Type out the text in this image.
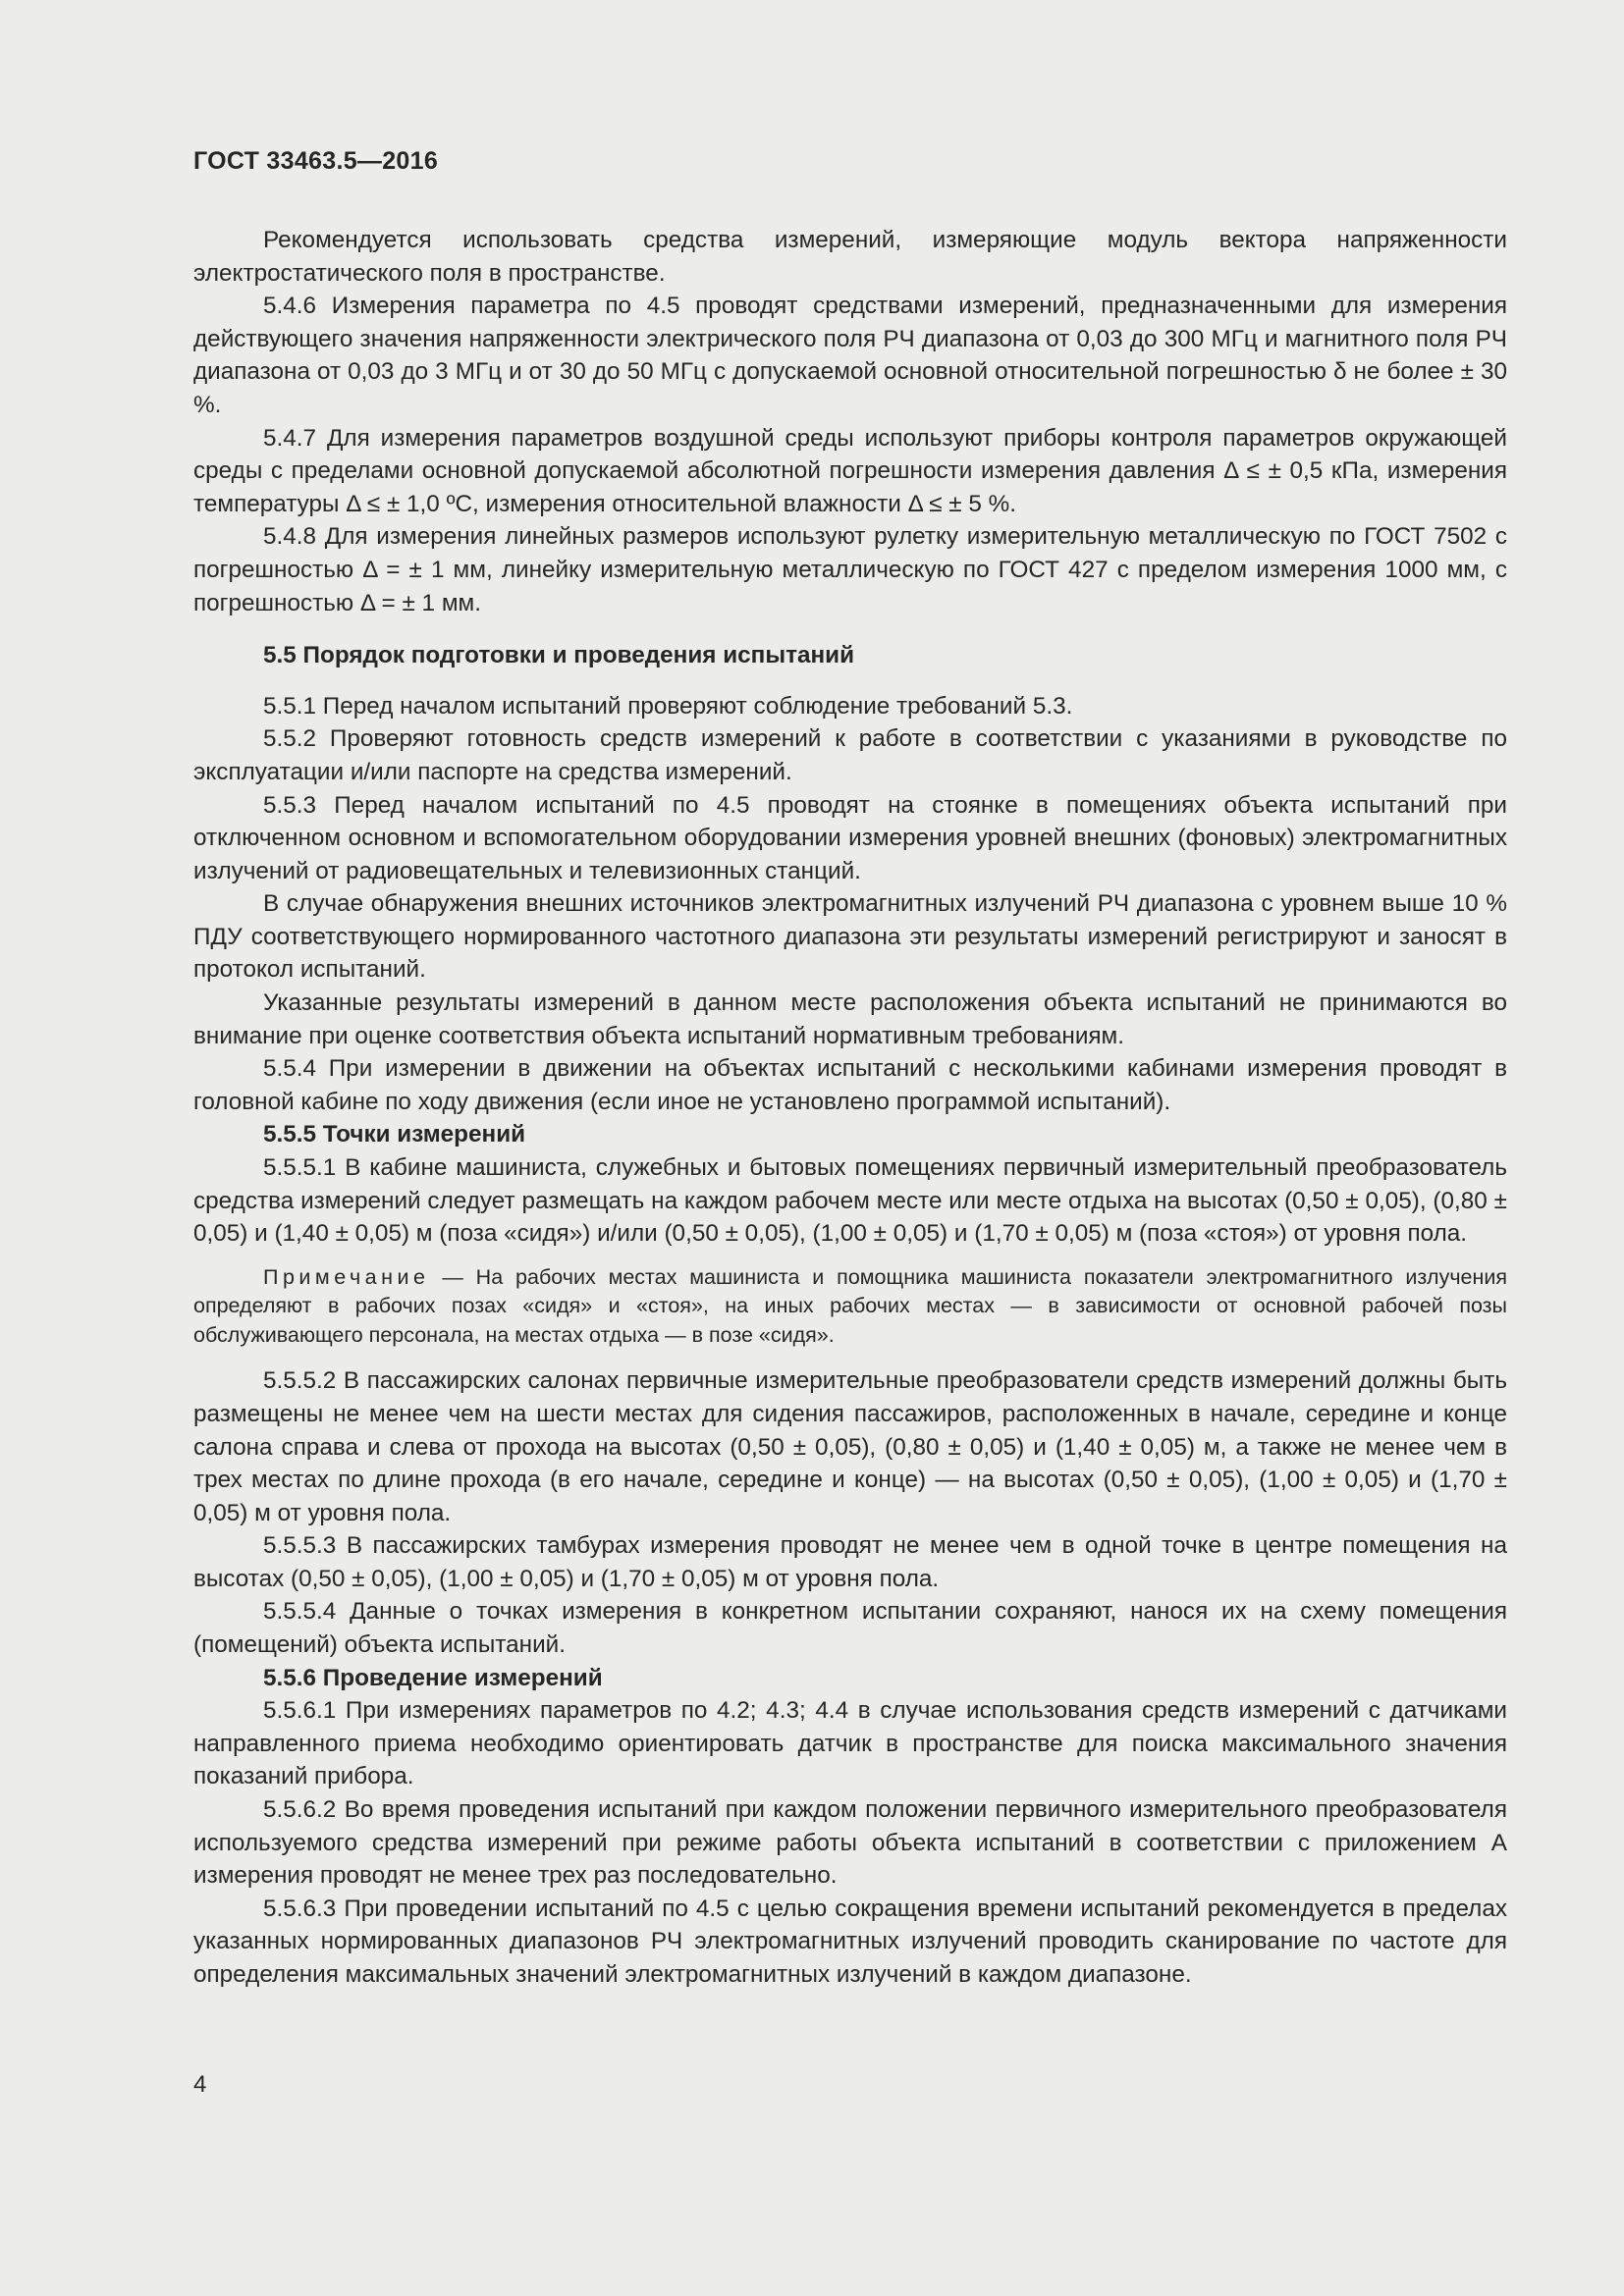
ГОСТ 33463.5—2016

Рекомендуется использовать средства измерений, измеряющие модуль вектора напряженности электростатического поля в пространстве.

5.4.6 Измерения параметра по 4.5 проводят средствами измерений, предназначенными для измерения действующего значения напряженности электрического поля РЧ диапазона от 0,03 до 300 МГц и магнитного поля РЧ диапазона от 0,03 до 3 МГц и от 30 до 50 МГц с допускаемой основной относительной погрешностью δ не более ± 30 %.

5.4.7 Для измерения параметров воздушной среды используют приборы контроля параметров окружающей среды с пределами основной допускаемой абсолютной погрешности измерения давления Δ ≤ ± 0,5 кПа, измерения температуры Δ ≤ ± 1,0 ºС, измерения относительной влажности Δ ≤ ± 5 %.

5.4.8 Для измерения линейных размеров используют рулетку измерительную металлическую по ГОСТ 7502 с погрешностью Δ = ± 1 мм, линейку измерительную металлическую по ГОСТ 427 с пределом измерения 1000 мм, с погрешностью Δ = ± 1 мм.

5.5 Порядок подготовки и проведения испытаний

5.5.1 Перед началом испытаний проверяют соблюдение требований 5.3.

5.5.2 Проверяют готовность средств измерений к работе в соответствии с указаниями в руководстве по эксплуатации и/или паспорте на средства измерений.

5.5.3 Перед началом испытаний по 4.5 проводят на стоянке в помещениях объекта испытаний при отключенном основном и вспомогательном оборудовании измерения уровней внешних (фоновых) электромагнитных излучений от радиовещательных и телевизионных станций.

В случае обнаружения внешних источников электромагнитных излучений РЧ диапазона с уровнем выше 10 % ПДУ соответствующего нормированного частотного диапазона эти результаты измерений регистрируют и заносят в протокол испытаний.

Указанные результаты измерений в данном месте расположения объекта испытаний не принимаются во внимание при оценке соответствия объекта испытаний нормативным требованиям.

5.5.4 При измерении в движении на объектах испытаний с несколькими кабинами измерения проводят в головной кабине по ходу движения (если иное не установлено программой испытаний).

5.5.5 Точки измерений

5.5.5.1 В кабине машиниста, служебных и бытовых помещениях первичный измерительный преобразователь средства измерений следует размещать на каждом рабочем месте или месте отдыха на высотах (0,50 ± 0,05), (0,80 ± 0,05) и (1,40 ± 0,05) м (поза «сидя») и/или (0,50 ± 0,05), (1,00 ± 0,05) и (1,70 ± 0,05) м (поза «стоя») от уровня пола.

Примечание — На рабочих местах машиниста и помощника машиниста показатели электромагнитного излучения определяют в рабочих позах «сидя» и «стоя», на иных рабочих местах — в зависимости от основной рабочей позы обслуживающего персонала, на местах отдыха — в позе «сидя».

5.5.5.2 В пассажирских салонах первичные измерительные преобразователи средств измерений должны быть размещены не менее чем на шести местах для сидения пассажиров, расположенных в начале, середине и конце салона справа и слева от прохода на высотах (0,50 ± 0,05), (0,80 ± 0,05) и (1,40 ± 0,05) м, а также не менее чем в трех местах по длине прохода (в его начале, середине и конце) — на высотах (0,50 ± 0,05), (1,00 ± 0,05) и (1,70 ± 0,05) м от уровня пола.

5.5.5.3 В пассажирских тамбурах измерения проводят не менее чем в одной точке в центре помещения на высотах (0,50 ± 0,05), (1,00 ± 0,05) и (1,70 ± 0,05) м от уровня пола.

5.5.5.4 Данные о точках измерения в конкретном испытании сохраняют, нанося их на схему помещения (помещений) объекта испытаний.

5.5.6 Проведение измерений

5.5.6.1 При измерениях параметров по 4.2; 4.3; 4.4 в случае использования средств измерений с датчиками направленного приема необходимо ориентировать датчик в пространстве для поиска максимального значения показаний прибора.

5.5.6.2 Во время проведения испытаний при каждом положении первичного измерительного преобразователя используемого средства измерений при режиме работы объекта испытаний в соответствии с приложением А измерения проводят не менее трех раз последовательно.

5.5.6.3 При проведении испытаний по 4.5 с целью сокращения времени испытаний рекомендуется в пределах указанных нормированных диапазонов РЧ электромагнитных излучений проводить сканирование по частоте для определения максимальных значений электромагнитных излучений в каждом диапазоне.

4
